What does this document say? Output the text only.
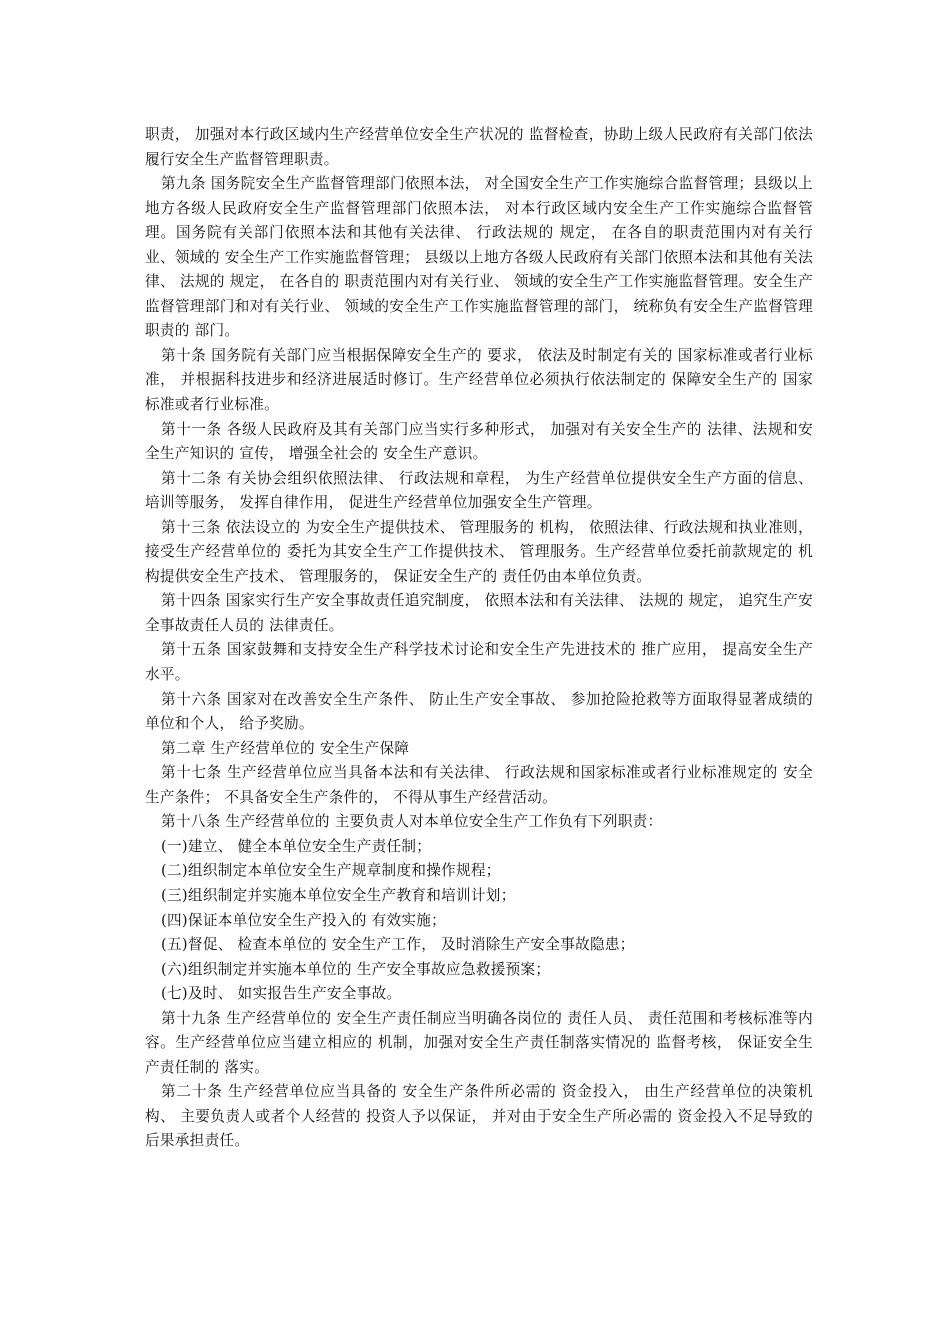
职责， 加强对本行政区域内生产经营单位安全生产状况的 监督检查，协助上级人民政府有关部门依法履行安全生产监督管理职责。

第九条 国务院安全生产监督管理部门依照本法， 对全国安全生产工作实施综合监督管理；县级以上地方各级人民政府安全生产监督管理部门依照本法， 对本行政区域内安全生产工作实施综合监督管理。国务院有关部门依照本法和其他有关法律、 行政法规的 规定， 在各自的职责范围内对有关行业、领域的 安全生产工作实施监督管理； 县级以上地方各级人民政府有关部门依照本法和其他有关法律、 法规的 规定， 在各自的 职责范围内对有关行业、 领域的安全生产工作实施监督管理。安全生产监督管理部门和对有关行业、 领域的安全生产工作实施监督管理的部门， 统称负有安全生产监督管理职责的 部门。

第十条 国务院有关部门应当根据保障安全生产的 要求， 依法及时制定有关的 国家标准或者行业标准， 并根据科技进步和经济进展适时修订。生产经营单位必须执行依法制定的 保障安全生产的 国家标准或者行业标准。

第十一条 各级人民政府及其有关部门应当实行多种形式， 加强对有关安全生产的 法律、法规和安全生产知识的 宣传， 增强全社会的 安全生产意识。

第十二条 有关协会组织依照法律、 行政法规和章程， 为生产经营单位提供安全生产方面的信息、 培训等服务， 发挥自律作用， 促进生产经营单位加强安全生产管理。

第十三条 依法设立的 为安全生产提供技术、 管理服务的 机构， 依照法律、行政法规和执业准则，接受生产经营单位的 委托为其安全生产工作提供技术、 管理服务。生产经营单位委托前款规定的 机构提供安全生产技术、 管理服务的， 保证安全生产的 责任仍由本单位负责。

第十四条 国家实行生产安全事故责任追究制度， 依照本法和有关法律、 法规的 规定， 追究生产安全事故责任人员的 法律责任。

第十五条 国家鼓舞和支持安全生产科学技术讨论和安全生产先进技术的 推广应用， 提高安全生产水平。

第十六条 国家对在改善安全生产条件、 防止生产安全事故、 参加抢险抢救等方面取得显著成绩的 单位和个人， 给予奖励。

第二章 生产经营单位的 安全生产保障

第十七条 生产经营单位应当具备本法和有关法律、 行政法规和国家标准或者行业标准规定的 安全生产条件； 不具备安全生产条件的， 不得从事生产经营活动。

第十八条 生产经营单位的 主要负责人对本单位安全生产工作负有下列职责：

(一)建立、 健全本单位安全生产责任制；

(二)组织制定本单位安全生产规章制度和操作规程；

(三)组织制定并实施本单位安全生产教育和培训计划；

(四)保证本单位安全生产投入的 有效实施；

(五)督促、 检查本单位的 安全生产工作， 及时消除生产安全事故隐患；

(六)组织制定并实施本单位的 生产安全事故应急救援预案；

(七)及时、 如实报告生产安全事故。

第十九条 生产经营单位的 安全生产责任制应当明确各岗位的 责任人员、 责任范围和考核标准等内容。生产经营单位应当建立相应的 机制，加强对安全生产责任制落实情况的 监督考核， 保证安全生产责任制的 落实。

第二十条 生产经营单位应当具备的 安全生产条件所必需的 资金投入， 由生产经营单位的决策机构、 主要负责人或者个人经营的 投资人予以保证， 并对由于安全生产所必需的 资金投入不足导致的 后果承担责任。
